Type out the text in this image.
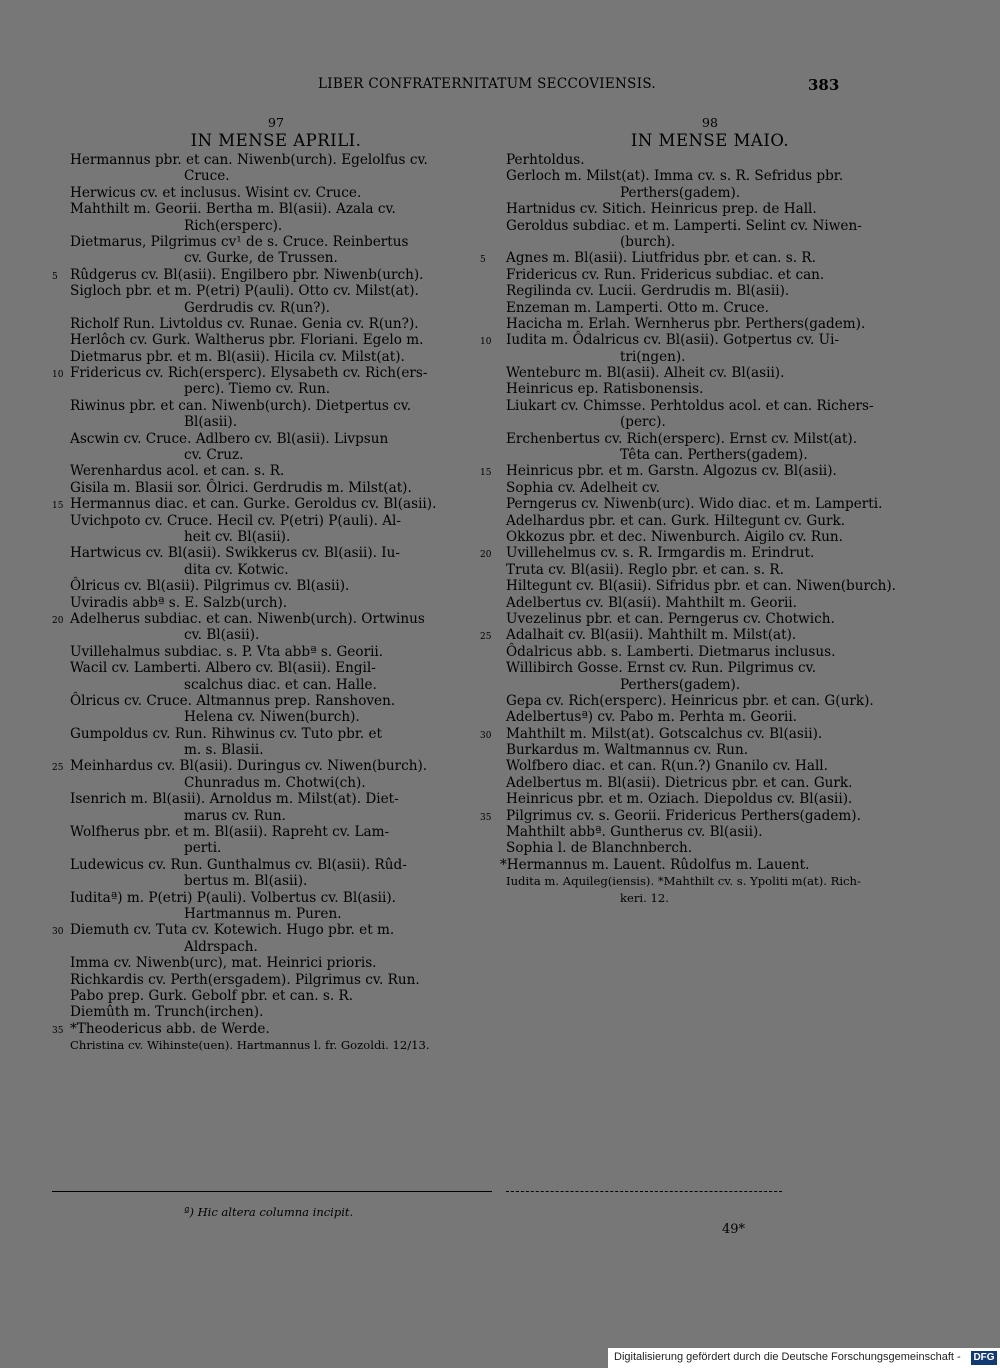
LIBER CONFRATERNITATUM SECCOVIENSIS.	383
97
IN MENSE APRILI.
Hermannus pbr. et can. Niwenb(urch). Egelolfus cv.
Cruce.
Herwicus cv. et inclusus. Wisint cv. Cruce.
Mahthilt m. Georii. Bertha m. Bl(asii). Azala cv.
Rich(ersperc).
Dietmarus, Pilgrimus cv¹ de s. Cruce. Reinbertus
cv. Gurke, de Trussen.
5 Rûdgerus cv. Bl(asii). Engilbero pbr. Niwenb(urch).
Sigloch pbr. et m. P(etri) P(auli). Otto cv. Milst(at).
Gerdrudis cv. R(un?).
Richolf Run. Livtoldus cv. Runae. Genia cv. R(un?).
Herlôch cv. Gurk. Waltherus pbr. Floriani. Egelo m.
Dietmarus pbr. et m. Bl(asii). Hicila cv. Milst(at).
10 Fridericus cv. Rich(ersperc). Elysabeth cv. Rich(ers-
perc). Tiemo cv. Run.
Riwinus pbr. et can. Niwenb(urch). Dietpertus cv.
Bl(asii).
Ascwin cv. Cruce. Adlbero cv. Bl(asii). Livpsun
cv. Cruz.
Werenhardus acol. et can. s. R.
Gisila m. Blasii sor. Ôlrici. Gerdrudis m. Milst(at).
15 Hermannus diac. et can. Gurke. Geroldus cv. Bl(asii).
Uvichpoto cv. Cruce. Hecil cv. P(etri) P(auli). Al-
heit cv. Bl(asii).
Hartwicus cv. Bl(asii). Swikkerus cv. Bl(asii). Iu-
dita cv. Kotwic.
Ôlricus cv. Bl(asii). Pilgrimus cv. Bl(asii).
Uviradis abbª s. E. Salzb(urch).
20 Adelherus subdiac. et can. Niwenb(urch). Ortwinus
cv. Bl(asii).
Uvillehalmus subdiac. s. P. Vta abbª s. Georii.
Wacil cv. Lamberti. Albero cv. Bl(asii). Engil-
scalchus diac. et can. Halle.
Ôlricus cv. Cruce. Altmannus prep. Ranshoven.
Helena cv. Niwen(burch).
Gumpoldus cv. Run. Rihwinus cv. Tuto pbr. et
m. s. Blasii.
25 Meinhardus cv. Bl(asii). Duringus cv. Niwen(burch).
Chunradus m. Chotwi(ch).
Isenrich m. Bl(asii). Arnoldus m. Milst(at). Diet-
marus cv. Run.
Wolfherus pbr. et m. Bl(asii). Rapreht cv. Lam-
perti.
Ludewicus cv. Run. Gunthalmus cv. Bl(asii). Rûd-
bertus m. Bl(asii).
Iuditaª) m. P(etri) P(auli). Volbertus cv. Bl(asii).
Hartmannus m. Puren.
30 Diemuth cv. Tuta cv. Kotewich. Hugo pbr. et m.
Aldrspach.
Imma cv. Niwenb(urc), mat. Heinrici prioris.
Richkardis cv. Perth(ersgadem). Pilgrimus cv. Run.
Pabo prep. Gurk. Gebolf pbr. et can. s. R.
Diemûth m. Trunch(irchen).
35 *Theodericus abb. de Werde.
Christina cv. Wihinste(uen). Hartmannus l. fr. Gozoldi. 12/13.
98
IN MENSE MAIO.
Perhtoldus.
Gerloch m. Milst(at). Imma cv. s. R. Sefridus pbr.
Perthers(gadem).
Hartnidus cv. Sitich. Heinricus prep. de Hall.
Geroldus subdiac. et m. Lamperti. Selint cv. Niwen-
(burch).
5 Agnes m. Bl(asii). Liutfridus pbr. et can. s. R.
Fridericus cv. Run. Fridericus subdiac. et can.
Regilinda cv. Lucii. Gerdrudis m. Bl(asii).
Enzeman m. Lamperti. Otto m. Cruce.
Hacicha m. Erlah. Wernherus pbr. Perthers(gadem).
10 Iudita m. Ôdalricus cv. Bl(asii). Gotpertus cv. Ui-
tri(ngen).
Wenteburc m. Bl(asii). Alheit cv. Bl(asii).
Heinricus ep. Ratisbonensis.
Liukart cv. Chimsse. Perhtoldus acol. et can. Richers-
(perc).
Erchenbertus cv. Rich(ersperc). Ernst cv. Milst(at).
Têta can. Perthers(gadem).
15 Heinricus pbr. et m. Garstn. Algozus cv. Bl(asii).
Sophia cv. Adelheit cv.
Perngerus cv. Niwenb(urc). Wido diac. et m. Lamperti.
Adelhardus pbr. et can. Gurk. Hiltegunt cv. Gurk.
Okkozus pbr. et dec. Niwenburch. Aigilo cv. Run.
20 Uvillehelmus cv. s. R. Irmgardis m. Erindrut.
Truta cv. Bl(asii). Reglo pbr. et can. s. R.
Hiltegunt cv. Bl(asii). Sifridus pbr. et can. Niwen(burch).
Adelbertus cv. Bl(asii). Mahthilt m. Georii.
Uvezelinus pbr. et can. Perngerus cv. Chotwich.
25 Adalhait cv. Bl(asii). Mahthilt m. Milst(at).
Ôdalricus abb. s. Lamberti. Dietmarus inclusus.
Willibirch Gosse. Ernst cv. Run. Pilgrimus cv.
Perthers(gadem).
Gepa cv. Rich(ersperc). Heinricus pbr. et can. G(urk).
Adelbertusª) cv. Pabo m. Perhta m. Georii.
30 Mahthilt m. Milst(at). Gotscalchus cv. Bl(asii).
Burkardus m. Waltmannus cv. Run.
Wolfbero diac. et can. R(un.?) Gnanilo cv. Hall.
Adelbertus m. Bl(asii). Dietricus pbr. et can. Gurk.
Heinricus pbr. et m. Oziach. Diepoldus cv. Bl(asii).
35 Pilgrimus cv. s. Georii. Fridericus Perthers(gadem).
Mahthilt abbª. Guntherus cv. Bl(asii).
Sophia l. de Blanchnberch.
*Hermannus m. Lauent. Rûdolfus m. Lauent.
Iudita m. Aquileg(iensis). *Mahthilt cv. s. Ypoliti m(at). Rich-
keri. 12.
ª) Hic altera columna incipit.
49*
Digitalisierung gefördert durch die Deutsche Forschungsgemeinschaft - DFG
